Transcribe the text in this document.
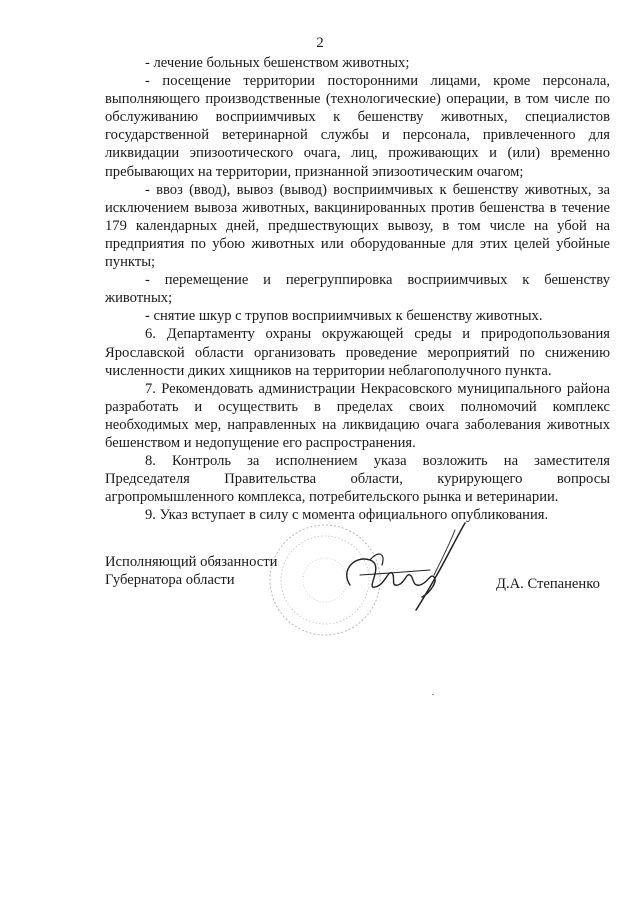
2

- лечение больных бешенством животных;

- посещение территории посторонними лицами, кроме персонала, выполняющего производственные (технологические) операции, в том числе по обслуживанию восприимчивых к бешенству животных, специалистов государственной ветеринарной службы и персонала, привлеченного для ликвидации эпизоотического очага, лиц, проживающих и (или) временно пребывающих на территории, признанной эпизоотическим очагом;

- ввоз (ввод), вывоз (вывод) восприимчивых к бешенству животных, за исключением вывоза животных, вакцинированных против бешенства в течение 179 календарных дней, предшествующих вывозу, в том числе на убой на предприятия по убою животных или оборудованные для этих целей убойные пункты;

- перемещение и перегруппировка восприимчивых к бешенству животных;

- снятие шкур с трупов восприимчивых к бешенству животных.

6. Департаменту охраны окружающей среды и природопользования Ярославской области организовать проведение мероприятий по снижению численности диких хищников на территории неблагополучного пункта.

7. Рекомендовать администрации Некрасовского муниципального района разработать и осуществить в пределах своих полномочий комплекс необходимых мер, направленных на ликвидацию очага заболевания животных бешенством и недопущение его распространения.

8. Контроль за исполнением указа возложить на заместителя Председателя Правительства области, курирующего вопросы агропромышленного комплекса, потребительского рынка и ветеринарии.

9. Указ вступает в силу с момента официального опубликования.

Исполняющий обязанности
Губернатора области	Д.А. Степаненко
